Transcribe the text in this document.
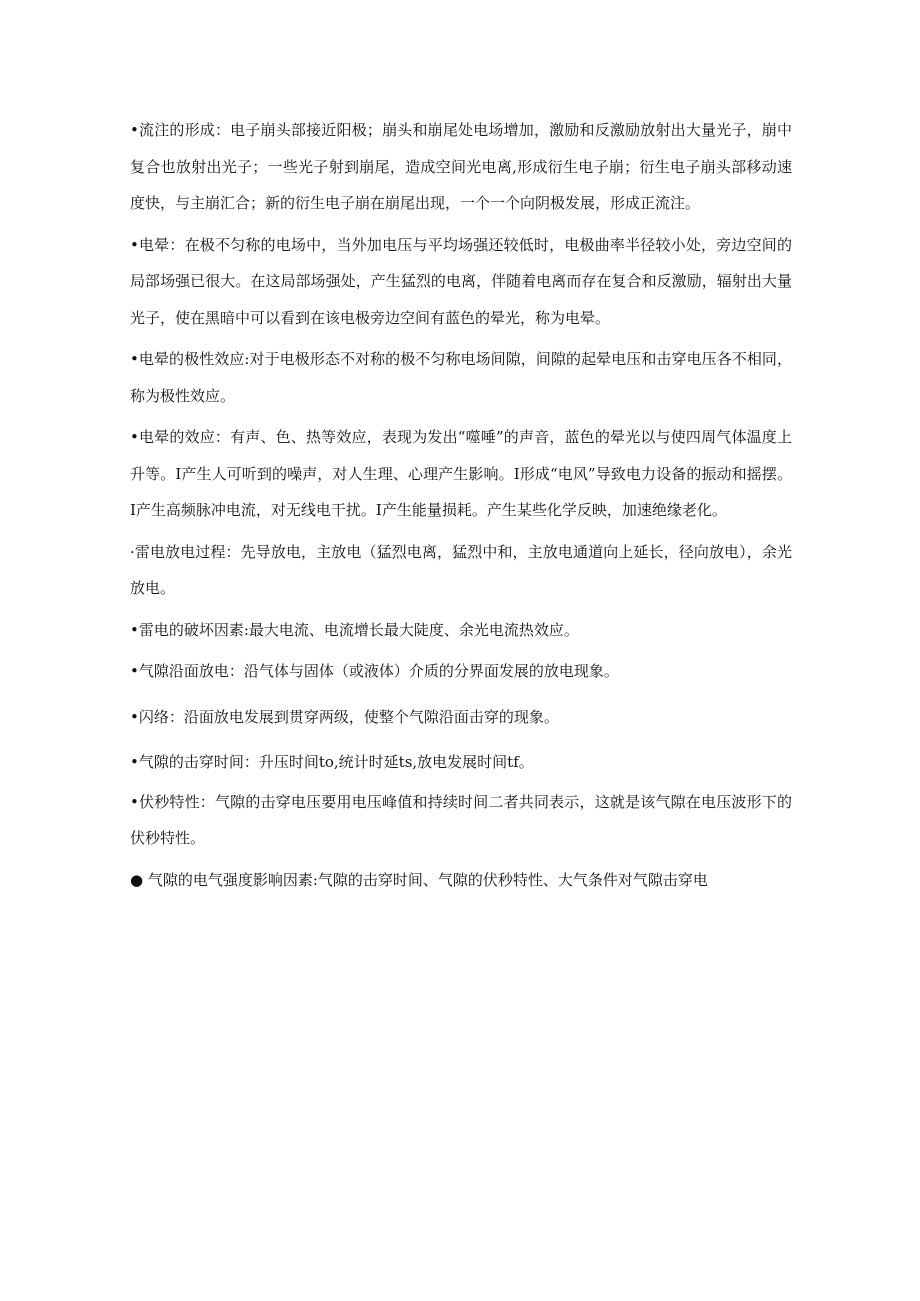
•流注的形成：电子崩头部接近阳极；崩头和崩尾处电场增加，激励和反激励放射出大量光子，崩中复合也放射出光子；一些光子射到崩尾，造成空间光电离,形成衍生电子崩；衍生电子崩头部移动速度快，与主崩汇合；新的衍生电子崩在崩尾出现，一个一个向阴极发展，形成正流注。

•电晕：在极不匀称的电场中，当外加电压与平均场强还较低时，电极曲率半径较小处，旁边空间的局部场强已很大。在这局部场强处，产生猛烈的电离，伴随着电离而存在复合和反激励，辐射出大量光子，使在黑暗中可以看到在该电极旁边空间有蓝色的晕光，称为电晕。

•电晕的极性效应:对于电极形态不对称的极不匀称电场间隙，间隙的起晕电压和击穿电压各不相同，称为极性效应。

•电晕的效应：有声、色、热等效应，表现为发出“噬唾”的声音，蓝色的晕光以与使四周气体温度上升等。I产生人可听到的噪声，对人生理、心理产生影响。I形成“电风”导致电力设备的振动和摇摆。I产生高频脉冲电流，对无线电干扰。I产生能量损耗。产生某些化学反映，加速绝缘老化。

·雷电放电过程：先导放电，主放电（猛烈电离，猛烈中和，主放电通道向上延长，径向放电），余光放电。

•雷电的破坏因素:最大电流、电流增长最大陡度、余光电流热效应。

•气隙沿面放电：沿气体与固体（或液体）介质的分界面发展的放电现象。

•闪络：沿面放电发展到贯穿两级，使整个气隙沿面击穿的现象。

•气隙的击穿时间：升压时间to,统计时延ts,放电发展时间tf。

•伏秒特性：气隙的击穿电压要用电压峰值和持续时间二者共同表示，这就是该气隙在电压波形下的伏秒特性。

● 气隙的电气强度影响因素:气隙的击穿时间、气隙的伏秒特性、大气条件对气隙击穿电
